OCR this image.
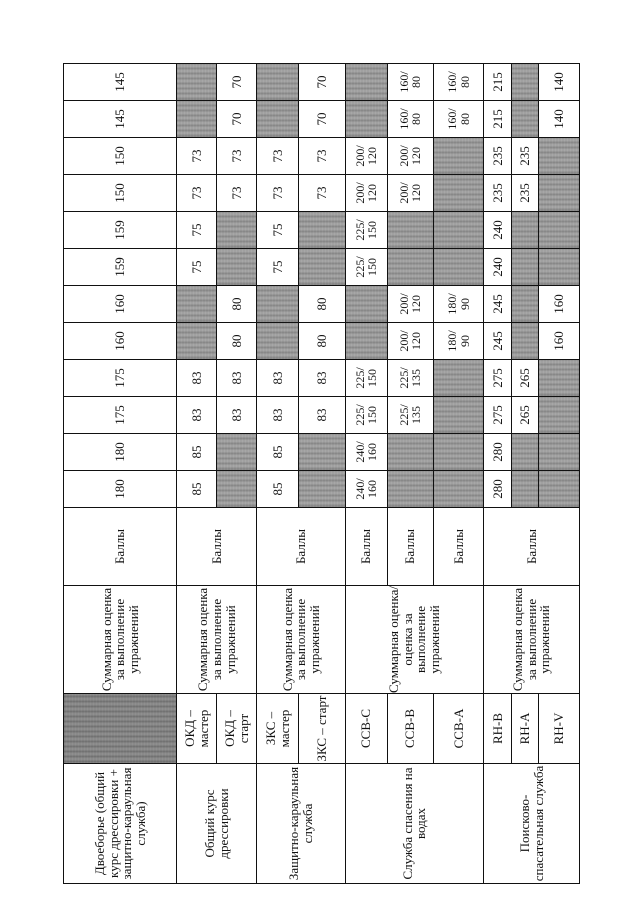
Двоеборье (общий курс дрессировки + защитно-караульная служба)		Суммарная оценка за выполнение упражнений	Баллы	180	180	175	175	160	160	159	159	150	150	145	145
Общий курс дрессировки	ОКД – мастер	Суммарная оценка за выполнение упражнений	Баллы	85	85	83	83			75	75	73	73		
	ОКД – старт					83	83	80	80			73	73	70	70
Защитно-караульная служба	ЗКС – мастер	Суммарная оценка за выполнение упражнений	Баллы	85	85	83	83			75	75	73	73		
	ЗКС – старт					83	83	80	80			73	73	70	70
Служба спасения на водах	ССВ-С	Суммарная оценка/ оценка за выполнение упражнений	Баллы	240/ 160	240/ 160	225/ 150	225/ 150			225/ 150	225/ 150	200/ 120	200/ 120		
	ССВ-В		Баллы			225/ 135	225/ 135	200/ 120	200/ 120			200/ 120	200/ 120	160/ 80	160/ 80
	ССВ-А		Баллы					180/ 90	180/ 90					160/ 80	160/ 80
Поисково-спасательная служба	RH-B	Суммарная оценка за выполнение упражнений	Баллы	280	280	275	275	245	245	240	240	235	235	215	215
	RH-A					265	265					235	235		
	RH-V							160	160					140	140
